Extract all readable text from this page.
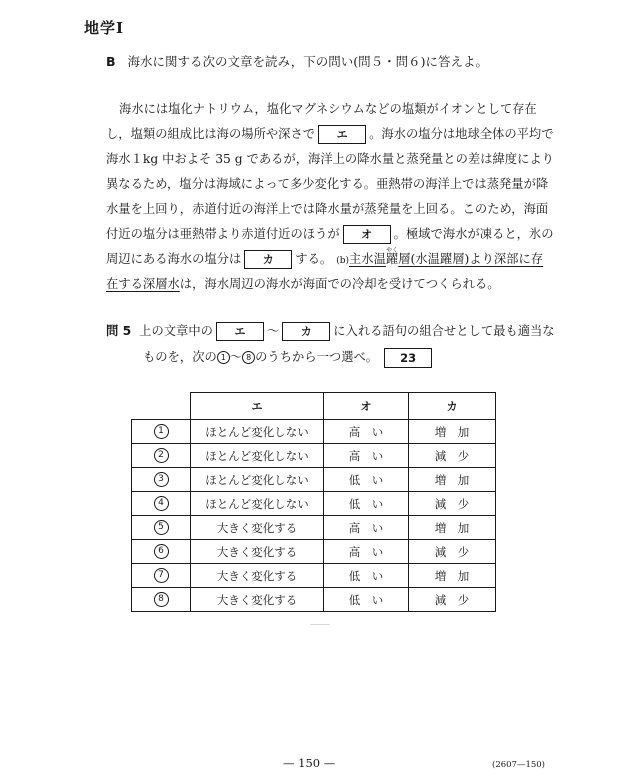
地学Ⅰ
B 海水に関する次の文章を読み，下の問い(問５・問６)に答えよ。
海水には塩化ナトリウム，塩化マグネシウムなどの塩類がイオンとして存在
し，塩類の組成比は海の場所や深さで エ 。海水の塩分は地球全体の平均で
海水１kg 中およそ 35 g であるが，海洋上の降水量と蒸発量との差は緯度により
異なるため，塩分は海域によって多少変化する。亜熱帯の海洋上では蒸発量が降
水量を上回り，赤道付近の海洋上では降水量が蒸発量を上回る。このため，海面
付近の塩分は亜熱帯より赤道付近のほうが オ 。極域で海水が凍ると，氷の
周辺にある海水の塩分は カ する。 (b)主水温
やく
躍層(水温躍層)より深部に存
在する深層水は，海水周辺の海水が海面での冷却を受けてつくられる。
問 5 上の文章中の エ 〜 カ に入れる語句の組合せとして最も適当な
ものを，次の 1 〜 8 のうちから一つ選べ。 23
	エ	オ	カ
1	ほとんど変化しない	高　い	増　加
2	ほとんど変化しない	高　い	減　少
3	ほとんど変化しない	低　い	増　加
4	ほとんど変化しない	低　い	減　少
5	大きく変化する	高　い	増　加
6	大きく変化する	高　い	減　少
7	大きく変化する	低　い	増　加
8	大きく変化する	低　い	減　少
— 150 —	(2607—150)
